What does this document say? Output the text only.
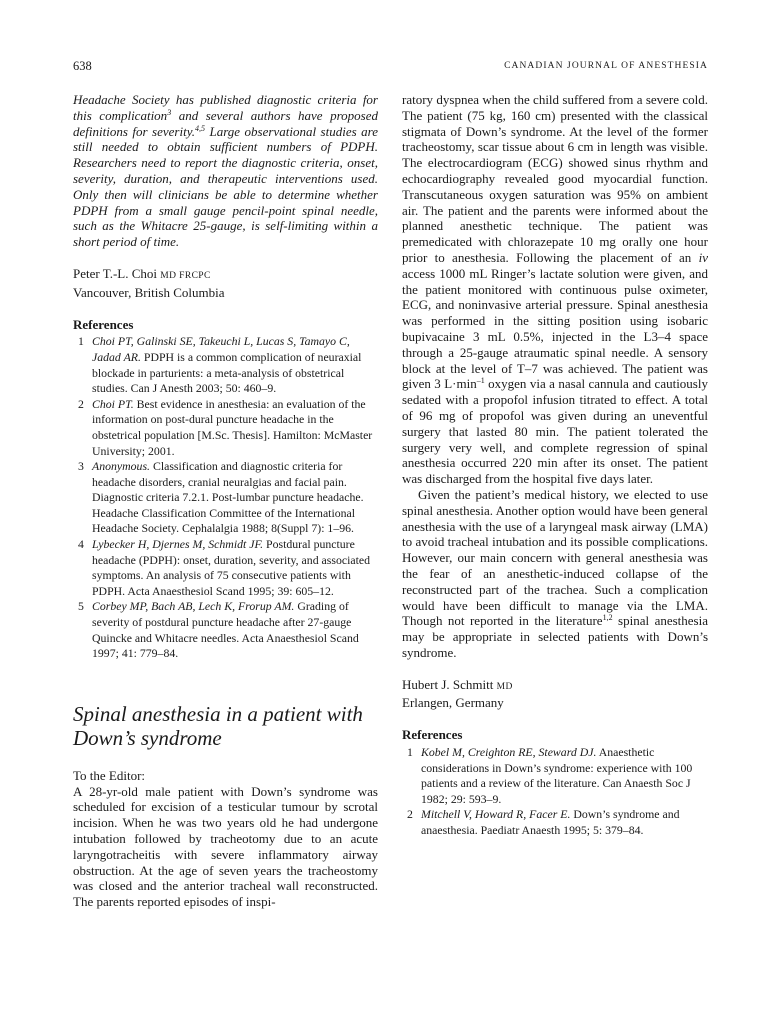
638	CANADIAN JOURNAL OF ANESTHESIA

Headache Society has published diagnostic criteria for this complication$^3$ and several authors have proposed definitions for severity.$^{4,5}$ Large observational studies are still needed to obtain sufficient numbers of PDPH. Researchers need to report the diagnostic criteria, onset, severity, duration, and therapeutic interventions used. Only then will clinicians be able to determine whether PDPH from a small gauge pencil-point spinal needle, such as the Whitacre 25-gauge, is self-limiting within a short period of time.

Peter T.-L. Choi MD FRCPC
Vancouver, British Columbia
References
1 Choi PT, Galinski SE, Takeuchi L, Lucas S, Tamayo C, Jadad AR. PDPH is a common complication of neuraxial blockade in parturients: a meta-analysis of obstetrical studies. Can J Anesth 2003; 50: 460–9.
2 Choi PT. Best evidence in anesthesia: an evaluation of the information on post-dural puncture headache in the obstetrical population [M.Sc. Thesis]. Hamilton: McMaster University; 2001.
3 Anonymous. Classification and diagnostic criteria for headache disorders, cranial neuralgias and facial pain. Diagnostic criteria 7.2.1. Post-lumbar puncture headache. Headache Classification Committee of the International Headache Society. Cephalalgia 1988; 8(Suppl 7): 1–96.
4 Lybecker H, Djernes M, Schmidt JF. Postdural puncture headache (PDPH): onset, duration, severity, and associated symptoms. An analysis of 75 consecutive patients with PDPH. Acta Anaesthesiol Scand 1995; 39: 605–12.
5 Corbey MP, Bach AB, Lech K, Frorup AM. Grading of severity of postdural puncture headache after 27-gauge Quincke and Whitacre needles. Acta Anaesthesiol Scand 1997; 41: 779–84.
Spinal anesthesia in a patient with Down’s syndrome
To the Editor:

A 28-yr-old male patient with Down’s syndrome was scheduled for excision of a testicular tumour by scrotal incision. When he was two years old he had undergone intubation followed by tracheotomy due to an acute laryngotracheitis with severe inflammatory airway obstruction. At the age of seven years the tracheostomy was closed and the anterior tracheal wall reconstructed. The parents reported episodes of inspi-

ratory dyspnea when the child suffered from a severe cold. The patient (75 kg, 160 cm) presented with the classical stigmata of Down’s syndrome. At the level of the former tracheostomy, scar tissue about 6 cm in length was visible. The electrocardiogram (ECG) showed sinus rhythm and echocardiography revealed good myocardial function. Transcutaneous oxygen saturation was 95% on ambient air. The patient and the parents were informed about the planned anesthetic technique. The patient was premedicated with chlorazepate 10 mg orally one hour prior to anesthesia. Following the placement of an iv access 1000 mL Ringer’s lactate solution were given, and the patient monitored with continuous pulse oximeter, ECG, and noninvasive arterial pressure. Spinal anesthesia was performed in the sitting position using isobaric bupivacaine 3 mL 0.5%, injected in the L3–4 space through a 25-gauge atraumatic spinal needle. A sensory block at the level of T–7 was achieved. The patient was given 3 $L\cdot\min^{-1}$ oxygen via a nasal cannula and cautiously sedated with a propofol infusion titrated to effect. A total of 96 mg of propofol was given during an uneventful surgery that lasted 80 min. The patient tolerated the surgery very well, and complete regression of spinal anesthesia occurred 220 min after its onset. The patient was discharged from the hospital five days later.

Given the patient’s medical history, we elected to use spinal anesthesia. Another option would have been general anesthesia with the use of a laryngeal mask airway (LMA) to avoid tracheal intubation and its possible complications. However, our main concern with general anesthesia was the fear of an anesthetic-induced collapse of the reconstructed part of the trachea. Such a complication would have been difficult to manage via the LMA. Though not reported in the literature$^{1,2}$ spinal anesthesia may be appropriate in selected patients with Down’s syndrome.

Hubert J. Schmitt MD
Erlangen, Germany
References
1 Kobel M, Creighton RE, Steward DJ. Anaesthetic considerations in Down’s syndrome: experience with 100 patients and a review of the literature. Can Anaesth Soc J 1982; 29: 593–9.
2 Mitchell V, Howard R, Facer E. Down’s syndrome and anaesthesia. Paediatr Anaesth 1995; 5: 379–84.
